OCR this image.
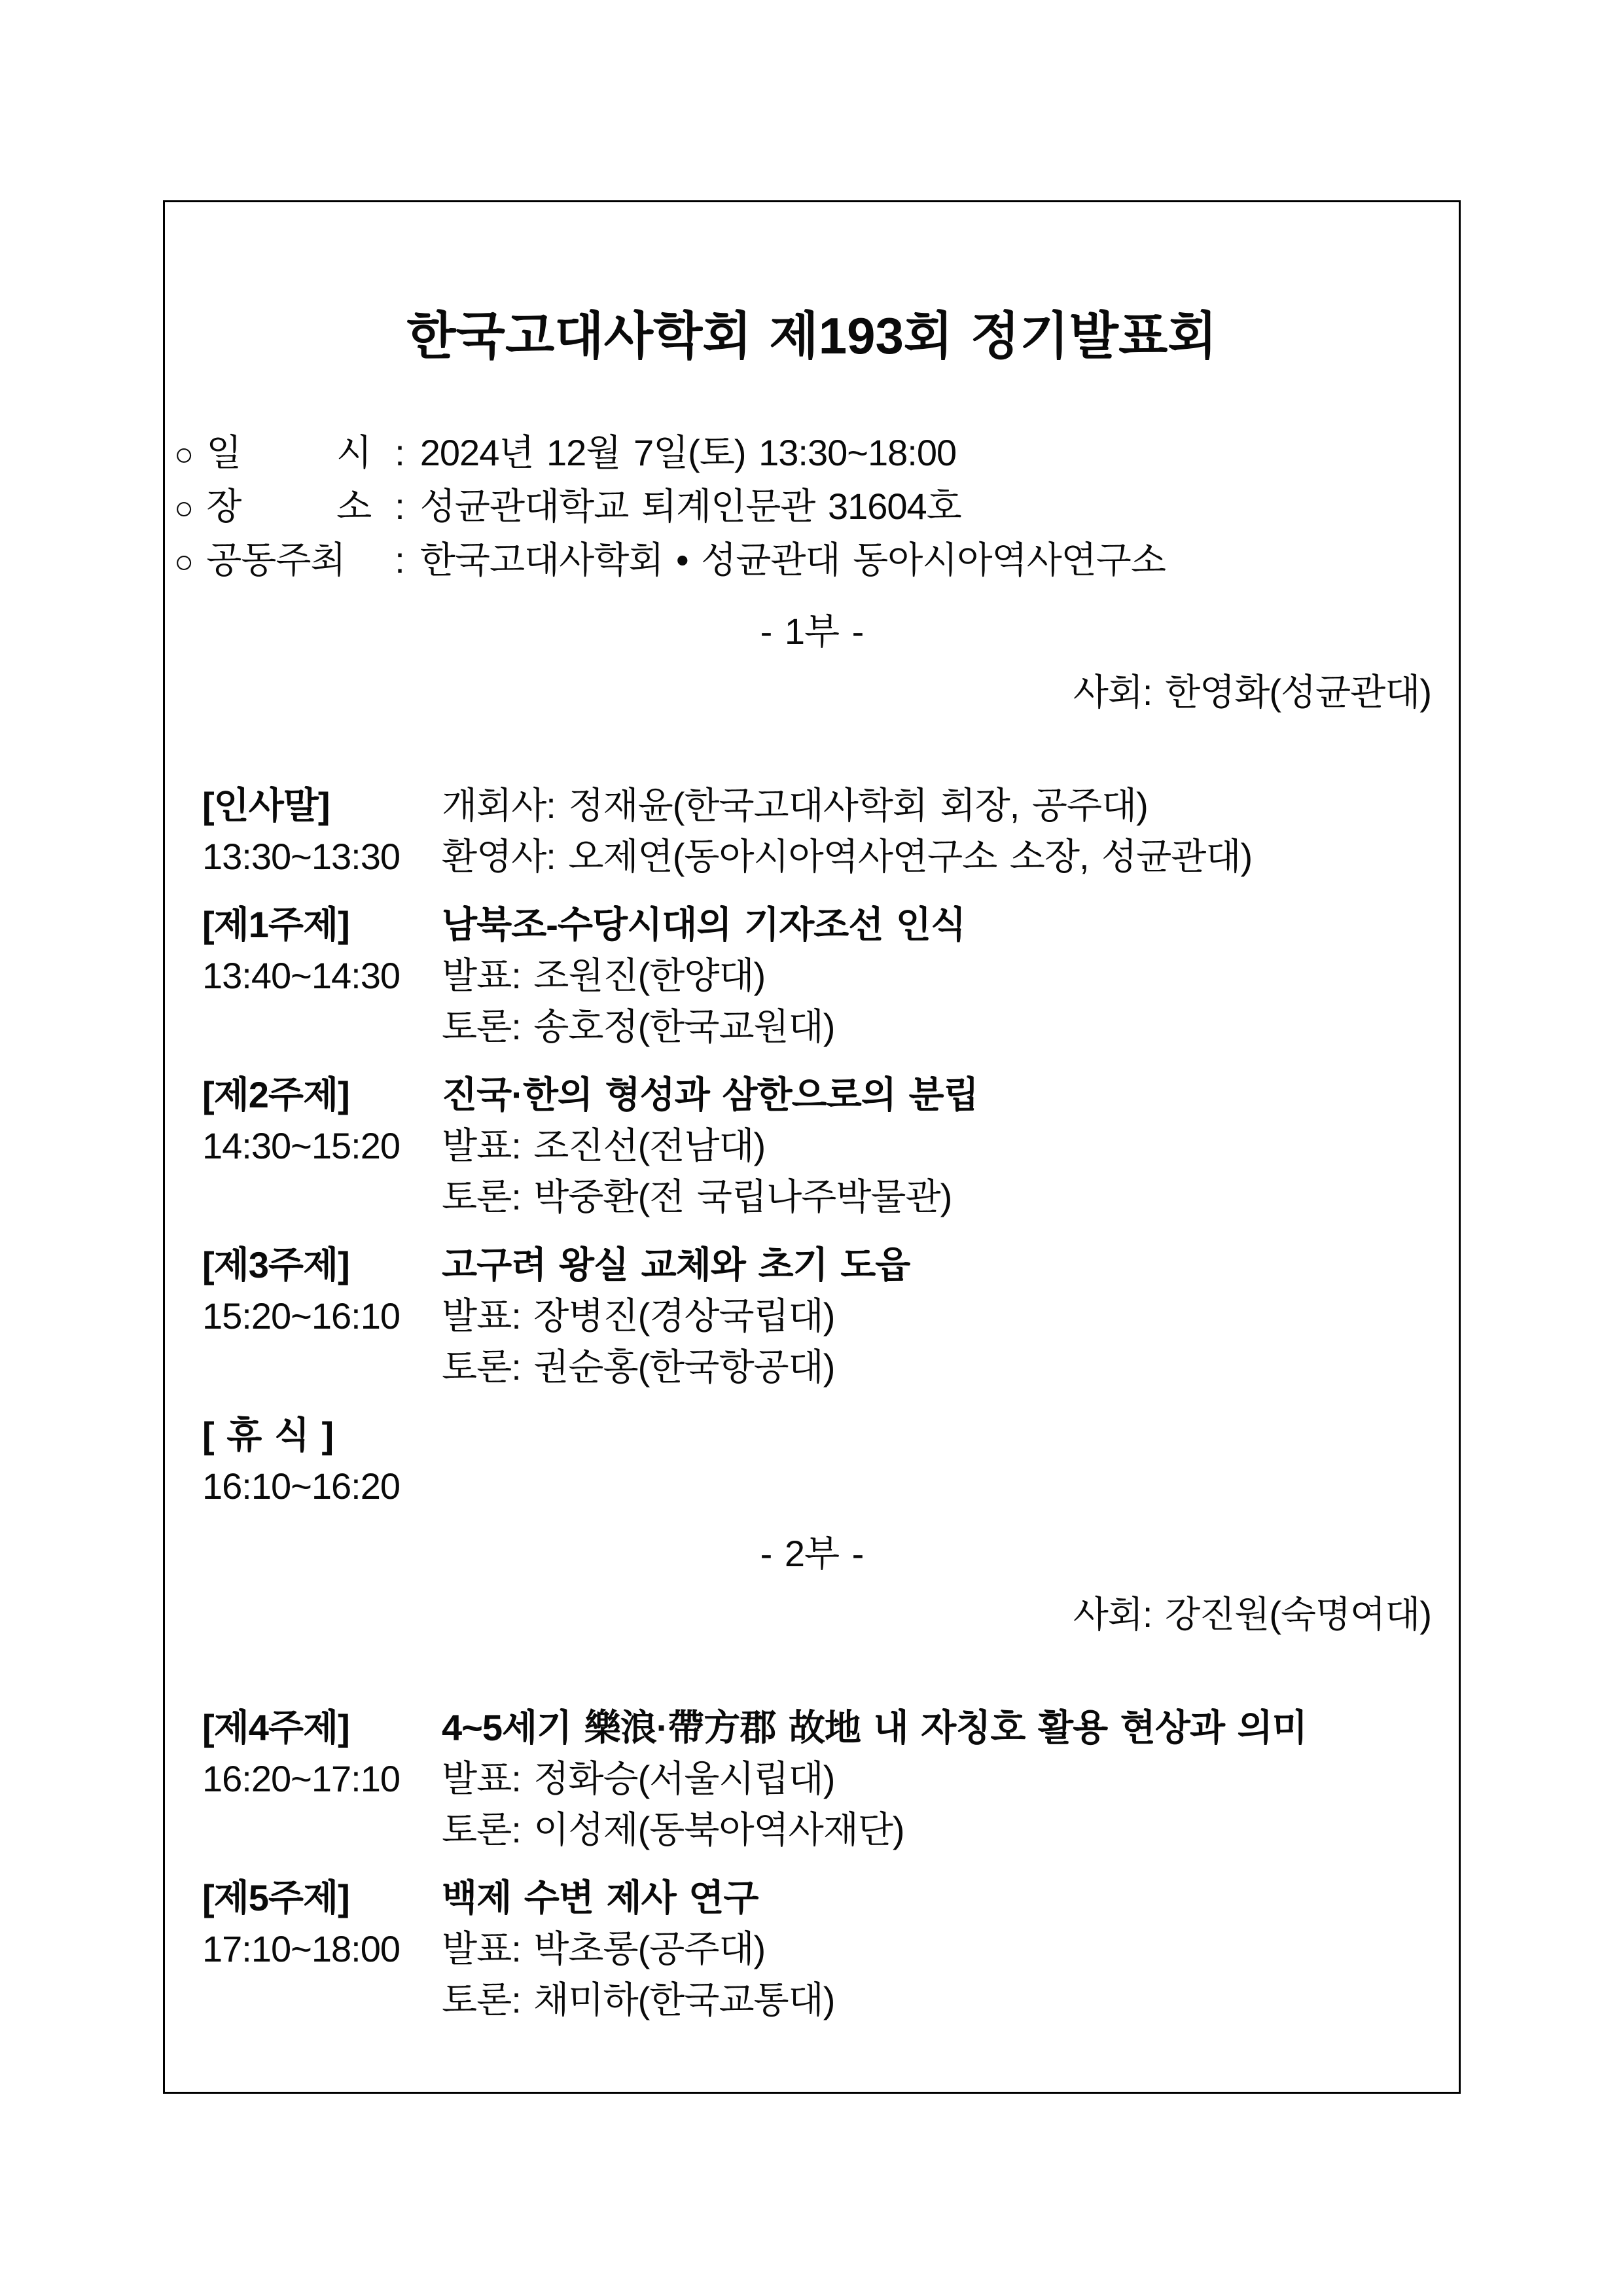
한국고대사학회 제193회 정기발표회
○ 일 시 : 2024년 12월 7일(토) 13:30~18:00
○ 장 소 : 성균관대학교 퇴계인문관 31604호
○ 공동주최 : 한국고대사학회 • 성균관대 동아시아역사연구소
- 1부 -
사회: 한영화(성균관대)
[인사말]	개회사: 정재윤(한국고대사학회 회장, 공주대)
13:30~13:30	환영사: 오제연(동아시아역사연구소 소장, 성균관대)
[제1주제]	남북조-수당시대의 기자조선 인식
13:40~14:30	발표: 조원진(한양대)
토론: 송호정(한국교원대)
[제2주제]	진국·한의 형성과 삼한으로의 분립
14:30~15:20	발표: 조진선(전남대)
토론: 박중환(전 국립나주박물관)
[제3주제]	고구려 왕실 교체와 초기 도읍
15:20~16:10	발표: 장병진(경상국립대)
토론: 권순홍(한국항공대)
[ 휴 식 ]
16:10~16:20
- 2부 -
사회: 강진원(숙명여대)
[제4주제]	4~5세기 樂浪·帶方郡 故地 내 자칭호 활용 현상과 의미
16:20~17:10	발표: 정화승(서울시립대)
토론: 이성제(동북아역사재단)
[제5주제]	백제 수변 제사 연구
17:10~18:00	발표: 박초롱(공주대)
토론: 채미하(한국교통대)
